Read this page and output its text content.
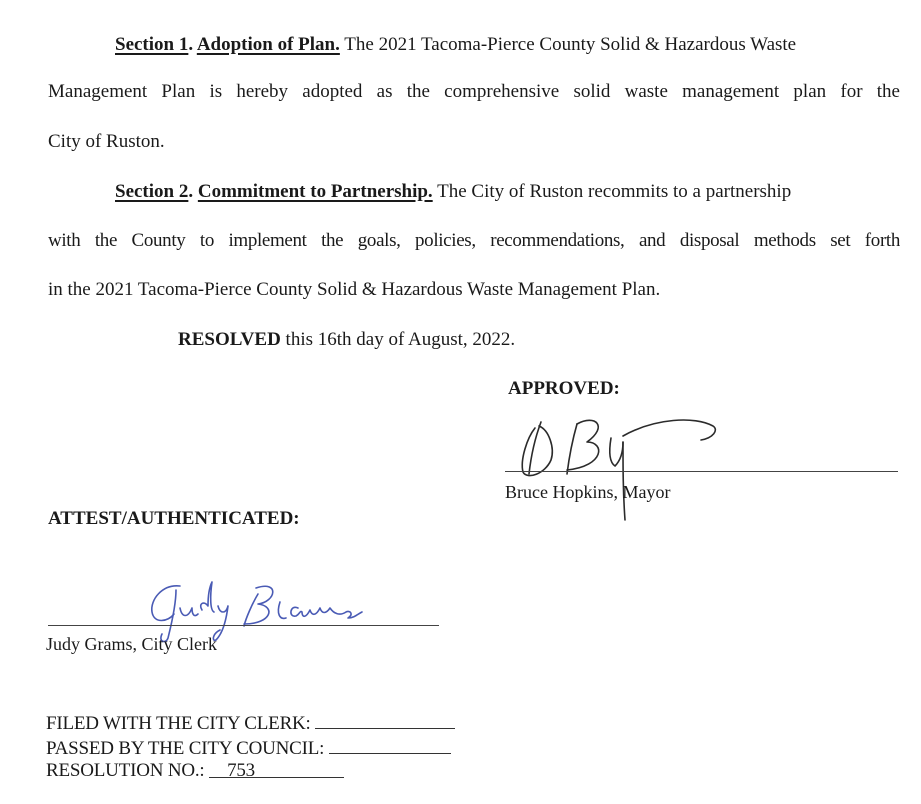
Section 1. Adoption of Plan. The 2021 Tacoma-Pierce County Solid & Hazardous Waste
Management Plan is hereby adopted as the comprehensive solid waste management plan for the
City of Ruston.
Section 2. Commitment to Partnership. The City of Ruston recommits to a partnership
with the County to implement the goals, policies, recommendations, and disposal methods set forth
in the 2021 Tacoma-Pierce County Solid & Hazardous Waste Management Plan.
RESOLVED this 16th day of August, 2022.
APPROVED:
Bruce Hopkins, Mayor
ATTEST/AUTHENTICATED:
Judy Grams, City Clerk
FILED WITH THE CITY CLERK:
PASSED BY THE CITY COUNCIL:
RESOLUTION NO.: 753
